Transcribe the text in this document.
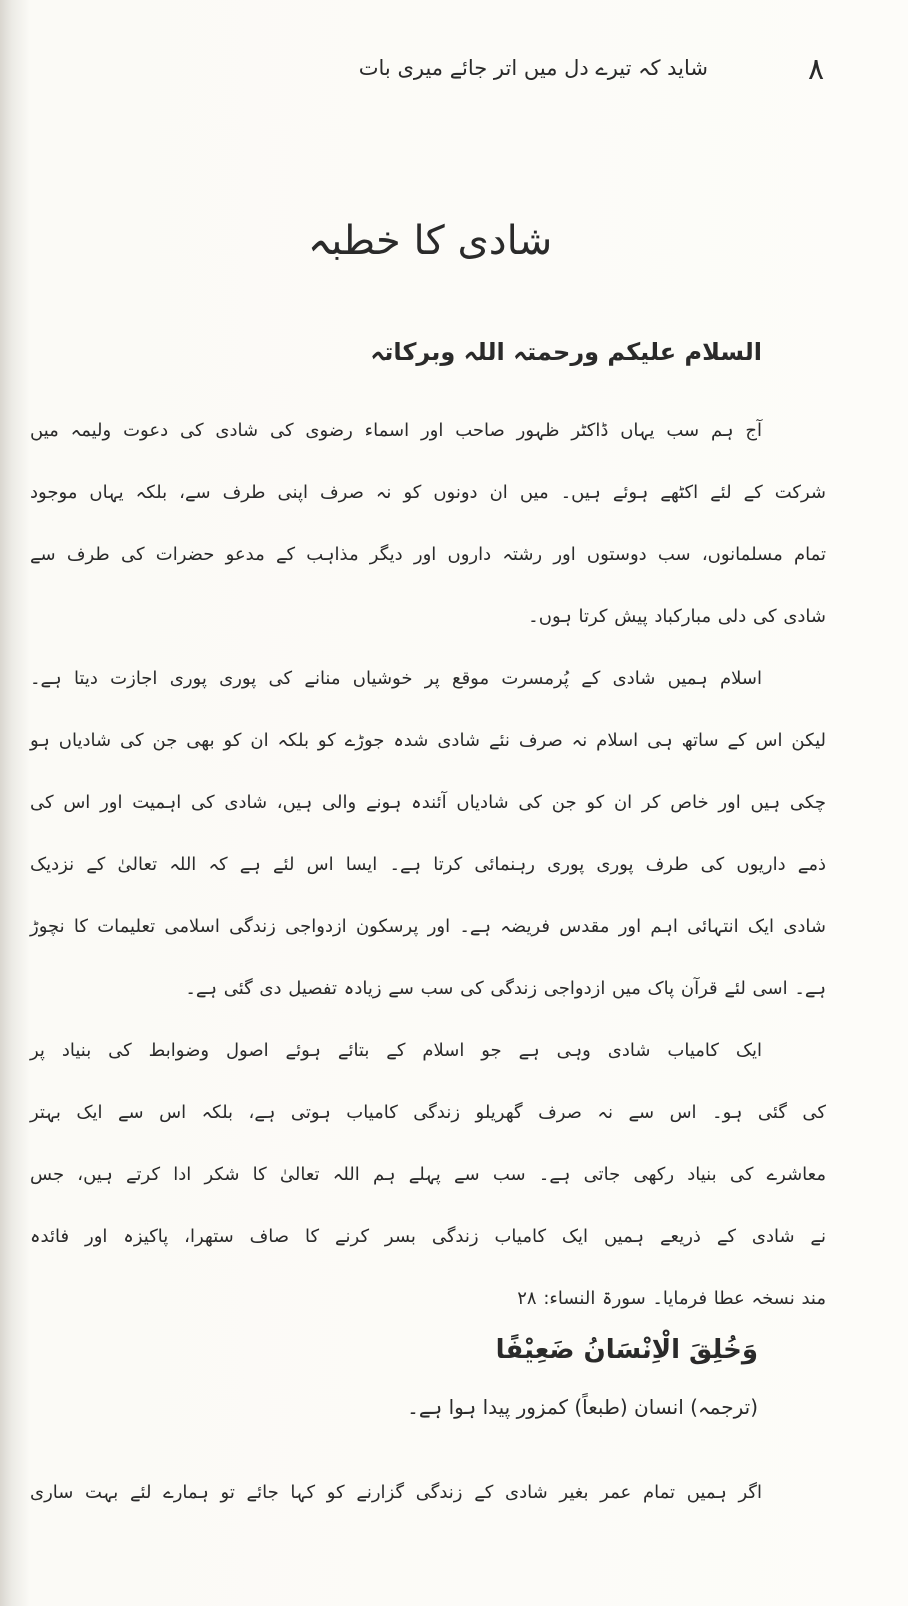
۸
شاید کہ تیرے دل میں اتر جائے میری بات
شادی کا خطبہ
السلام علیکم ورحمتہ اللہ وبرکاتہ
آج ہم سب یہاں ڈاکٹر ظہور صاحب اور اسماء رضوی کی شادی کی دعوت ولیمہ میں
شرکت کے لئے اکٹھے ہوئے ہیں۔ میں ان دونوں کو نہ صرف اپنی طرف سے، بلکہ یہاں موجود
تمام مسلمانوں، سب دوستوں اور رشتہ داروں اور دیگر مذاہب کے مدعو حضرات کی طرف سے
شادی کی دلی مبارکباد پیش کرتا ہوں۔
اسلام ہمیں شادی کے پُرمسرت موقع پر خوشیاں منانے کی پوری پوری اجازت دیتا ہے۔
لیکن اس کے ساتھ ہی اسلام نہ صرف نئے شادی شدہ جوڑے کو بلکہ ان کو بھی جن کی شادیاں ہو
چکی ہیں اور خاص کر ان کو جن کی شادیاں آئندہ ہونے والی ہیں، شادی کی اہمیت اور اس کی
ذمے داریوں کی طرف پوری پوری رہنمائی کرتا ہے۔ ایسا اس لئے ہے کہ اللہ تعالیٰ کے نزدیک
شادی ایک انتہائی اہم اور مقدس فریضہ ہے۔ اور پرسکون ازدواجی زندگی اسلامی تعلیمات کا نچوڑ
ہے۔ اسی لئے قرآن پاک میں ازدواجی زندگی کی سب سے زیادہ تفصیل دی گئی ہے۔
ایک کامیاب شادی وہی ہے جو اسلام کے بتائے ہوئے اصول وضوابط کی بنیاد پر
کی گئی ہو۔ اس سے نہ صرف گھریلو زندگی کامیاب ہوتی ہے، بلکہ اس سے ایک بہتر
معاشرے کی بنیاد رکھی جاتی ہے۔ سب سے پہلے ہم اللہ تعالیٰ کا شکر ادا کرتے ہیں، جس
نے شادی کے ذریعے ہمیں ایک کامیاب زندگی بسر کرنے کا صاف ستھرا، پاکیزہ اور فائدہ
مند نسخہ عطا فرمایا۔ سورۃ النساء: ۲۸
وَخُلِقَ الْاِنْسَانُ ضَعِيْفًا
(ترجمہ) انسان (طبعاً) کمزور پیدا ہوا ہے۔
اگر ہمیں تمام عمر بغیر شادی کے زندگی گزارنے کو کہا جائے تو ہمارے لئے بہت ساری
